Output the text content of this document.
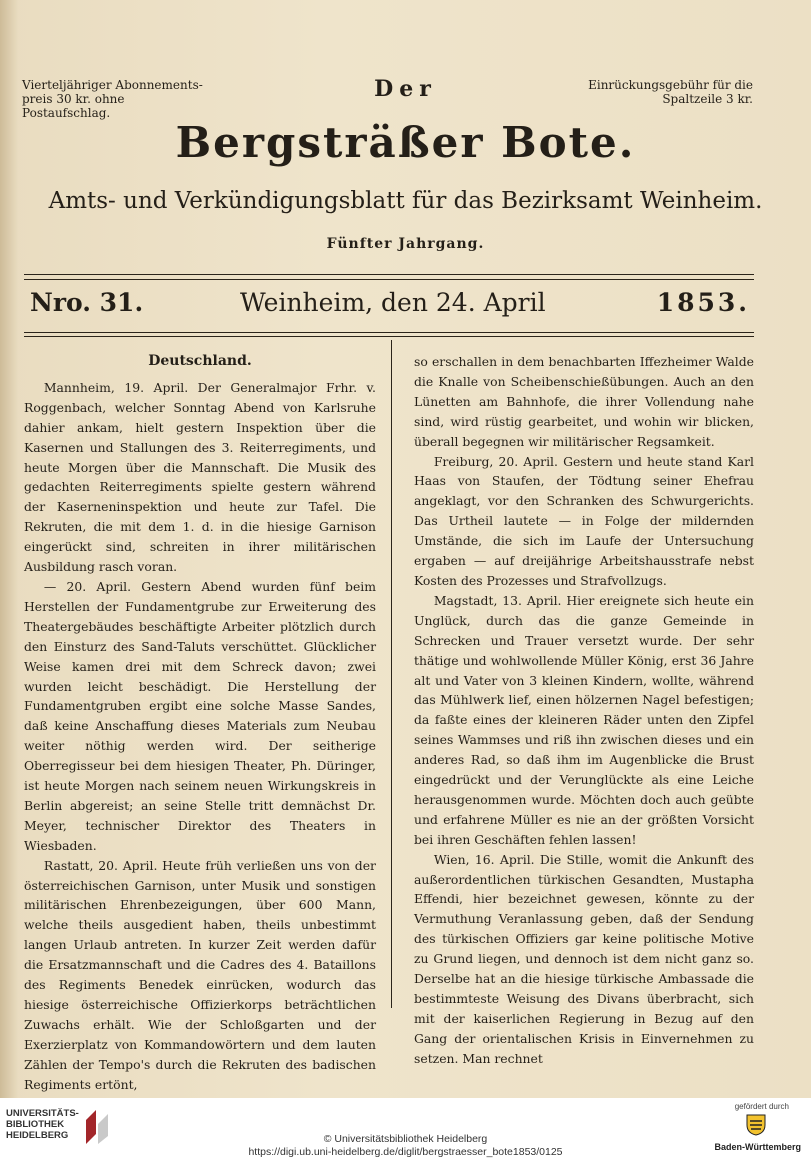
Vierteljähriger Abonnements-preis 30 kr. ohne Postaufschlag.
Der	Einrückungsgebühr für die Spaltzeile 3 kr.
Bergsträßer Bote.
Amts- und Verkündigungsblatt für das Bezirksamt Weinheim.
Fünfter Jahrgang.
Nro. 31.	Weinheim, den 24. April	1853.
Deutschland.

Mannheim, 19. April. Der Generalmajor Frhr. v. Roggenbach, welcher Sonntag Abend von Karlsruhe dahier ankam, hielt gestern Inspektion über die Kasernen und Stallungen des 3. Reiterregiments, und heute Morgen über die Mannschaft. Die Musik des gedachten Reiterregiments spielte gestern während der Kaserneninspektion und heute zur Tafel. Die Rekruten, die mit dem 1. d. in die hiesige Garnison eingerückt sind, schreiten in ihrer militärischen Ausbildung rasch voran.

— 20. April. Gestern Abend wurden fünf beim Herstellen der Fundamentgrube zur Erweiterung des Theatergebäudes beschäftigte Arbeiter plötzlich durch den Einsturz des Sand-Taluts verschüttet. Glücklicher Weise kamen drei mit dem Schreck davon; zwei wurden leicht beschädigt. Die Herstellung der Fundamentgruben ergibt eine solche Masse Sandes, daß keine Anschaffung dieses Materials zum Neubau weiter nöthig werden wird. Der seitherige Oberregisseur bei dem hiesigen Theater, Ph. Düringer, ist heute Morgen nach seinem neuen Wirkungskreis in Berlin abgereist; an seine Stelle tritt demnächst Dr. Meyer, technischer Direktor des Theaters in Wiesbaden.

Rastatt, 20. April. Heute früh verließen uns von der österreichischen Garnison, unter Musik und sonstigen militärischen Ehrenbezeigungen, über 600 Mann, welche theils ausgedient haben, theils unbestimmt langen Urlaub antreten. In kurzer Zeit werden dafür die Ersatzmannschaft und die Cadres des 4. Bataillons des Regiments Benedek einrücken, wodurch das hiesige österreichische Offizierkorps beträchtlichen Zuwachs erhält. Wie der Schloßgarten und der Exerzierplatz von Kommandowörtern und dem lauten Zählen der Tempo's durch die Rekruten des badischen Regiments ertönt,

so erschallen in dem benachbarten Iffezheimer Walde die Knalle von Scheibenschießübungen. Auch an den Lünetten am Bahnhofe, die ihrer Vollendung nahe sind, wird rüstig gearbeitet, und wohin wir blicken, überall begegnen wir militärischer Regsamkeit.

Freiburg, 20. April. Gestern und heute stand Karl Haas von Staufen, der Tödtung seiner Ehefrau angeklagt, vor den Schranken des Schwurgerichts. Das Urtheil lautete — in Folge der mildernden Umstände, die sich im Laufe der Untersuchung ergaben — auf dreijährige Arbeitshausstrafe nebst Kosten des Prozesses und Strafvollzugs.

Magstadt, 13. April. Hier ereignete sich heute ein Unglück, durch das die ganze Gemeinde in Schrecken und Trauer versetzt wurde. Der sehr thätige und wohlwollende Müller König, erst 36 Jahre alt und Vater von 3 kleinen Kindern, wollte, während das Mühlwerk lief, einen hölzernen Nagel befestigen; da faßte eines der kleineren Räder unten den Zipfel seines Wammses und riß ihn zwischen dieses und ein anderes Rad, so daß ihm im Augenblicke die Brust eingedrückt und der Verunglückte als eine Leiche herausgenommen wurde. Möchten doch auch geübte und erfahrene Müller es nie an der größten Vorsicht bei ihren Geschäften fehlen lassen!

Wien, 16. April. Die Stille, womit die Ankunft des außerordentlichen türkischen Gesandten, Mustapha Effendi, hier bezeichnet gewesen, könnte zu der Vermuthung Veranlassung geben, daß der Sendung des türkischen Offiziers gar keine politische Motive zu Grund liegen, und dennoch ist dem nicht ganz so. Derselbe hat an die hiesige türkische Ambassade die bestimmteste Weisung des Divans überbracht, sich mit der kaiserlichen Regierung in Bezug auf den Gang der orientalischen Krisis in Einvernehmen zu setzen. Man rechnet

UNIVERSITÄTS-
BIBLIOTHEK
HEIDELBERG	© Universitätsbibliothek Heidelberg
https://digi.ub.uni-heidelberg.de/diglit/bergstraesser_bote1853/0125
gefördert durch
Baden-Württemberg
